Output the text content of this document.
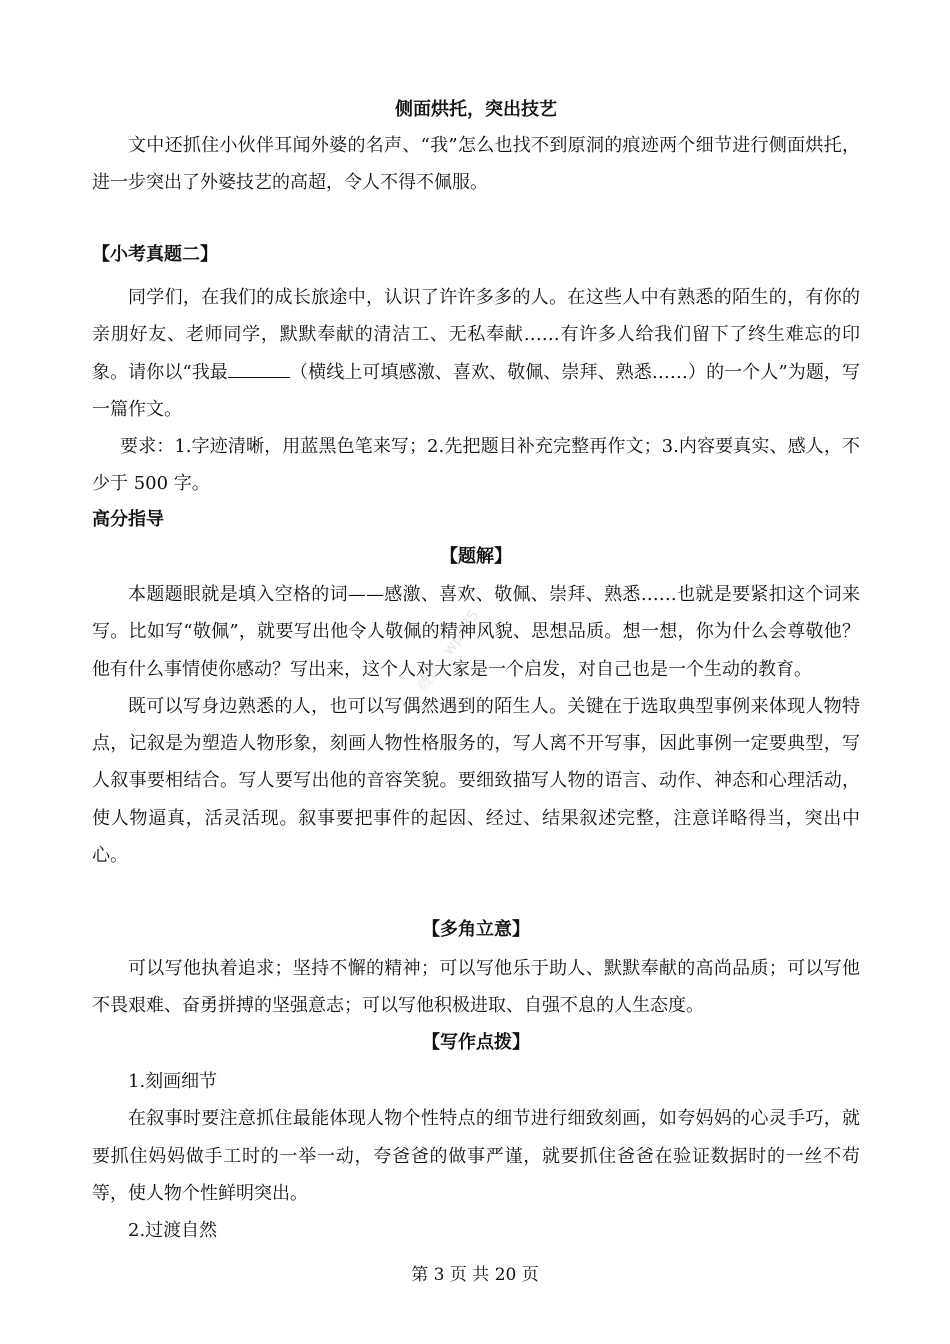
侧面烘托，突出技艺

文中还抓住小伙伴耳闻外婆的名声、“我”怎么也找不到原洞的痕迹两个细节进行侧面烘托，进一步突出了外婆技艺的高超，令人不得不佩服。

【小考真题二】

同学们，在我们的成长旅途中，认识了许许多多的人。在这些人中有熟悉的陌生的，有你的亲朋好友、老师同学，默默奉献的清洁工、无私奉献……有许多人给我们留下了终生难忘的印象。请你以“我最	（横线上可填感激、喜欢、敬佩、崇拜、熟悉……）的一个人”为题，写一篇作文。

要求：1.字迹清晰，用蓝黑色笔来写；2.先把题目补充完整再作文；3.内容要真实、感人，不少于 500 字。

高分指导
【题解】

本题题眼就是填入空格的词——感激、喜欢、敬佩、崇拜、熟悉……也就是要紧扣这个词来写。比如写“敬佩”，就要写出他令人敬佩的精神风貌、思想品质。想一想，你为什么会尊敬他？他有什么事情使你感动？写出来，这个人对大家是一个启发，对自己也是一个生动的教育。

既可以写身边熟悉的人，也可以写偶然遇到的陌生人。关键在于选取典型事例来体现人物特点，记叙是为塑造人物形象，刻画人物性格服务的，写人离不开写事，因此事例一定要典型，写人叙事要相结合。写人要写出他的音容笑貌。要细致描写人物的语言、动作、神态和心理活动，使人物逼真，活灵活现。叙事要把事件的起因、经过、结果叙述完整，注意详略得当，突出中心。

【多角立意】

可以写他执着追求；坚持不懈的精神；可以写他乐于助人、默默奉献的高尚品质；可以写他不畏艰难、奋勇拼搏的坚强意志；可以写他积极进取、自强不息的人生态度。

【写作点拨】

1.刻画细节

在叙事时要注意抓住最能体现人物个性特点的细节进行细致刻画，如夸妈妈的心灵手巧，就要抓住妈妈做手工时的一举一动，夸爸爸的做事严谨，就要抓住爸爸在验证数据时的一丝不苟等，使人物个性鲜明突出。

2.过渡自然

微信：wp335
第 3 页 共 20 页
